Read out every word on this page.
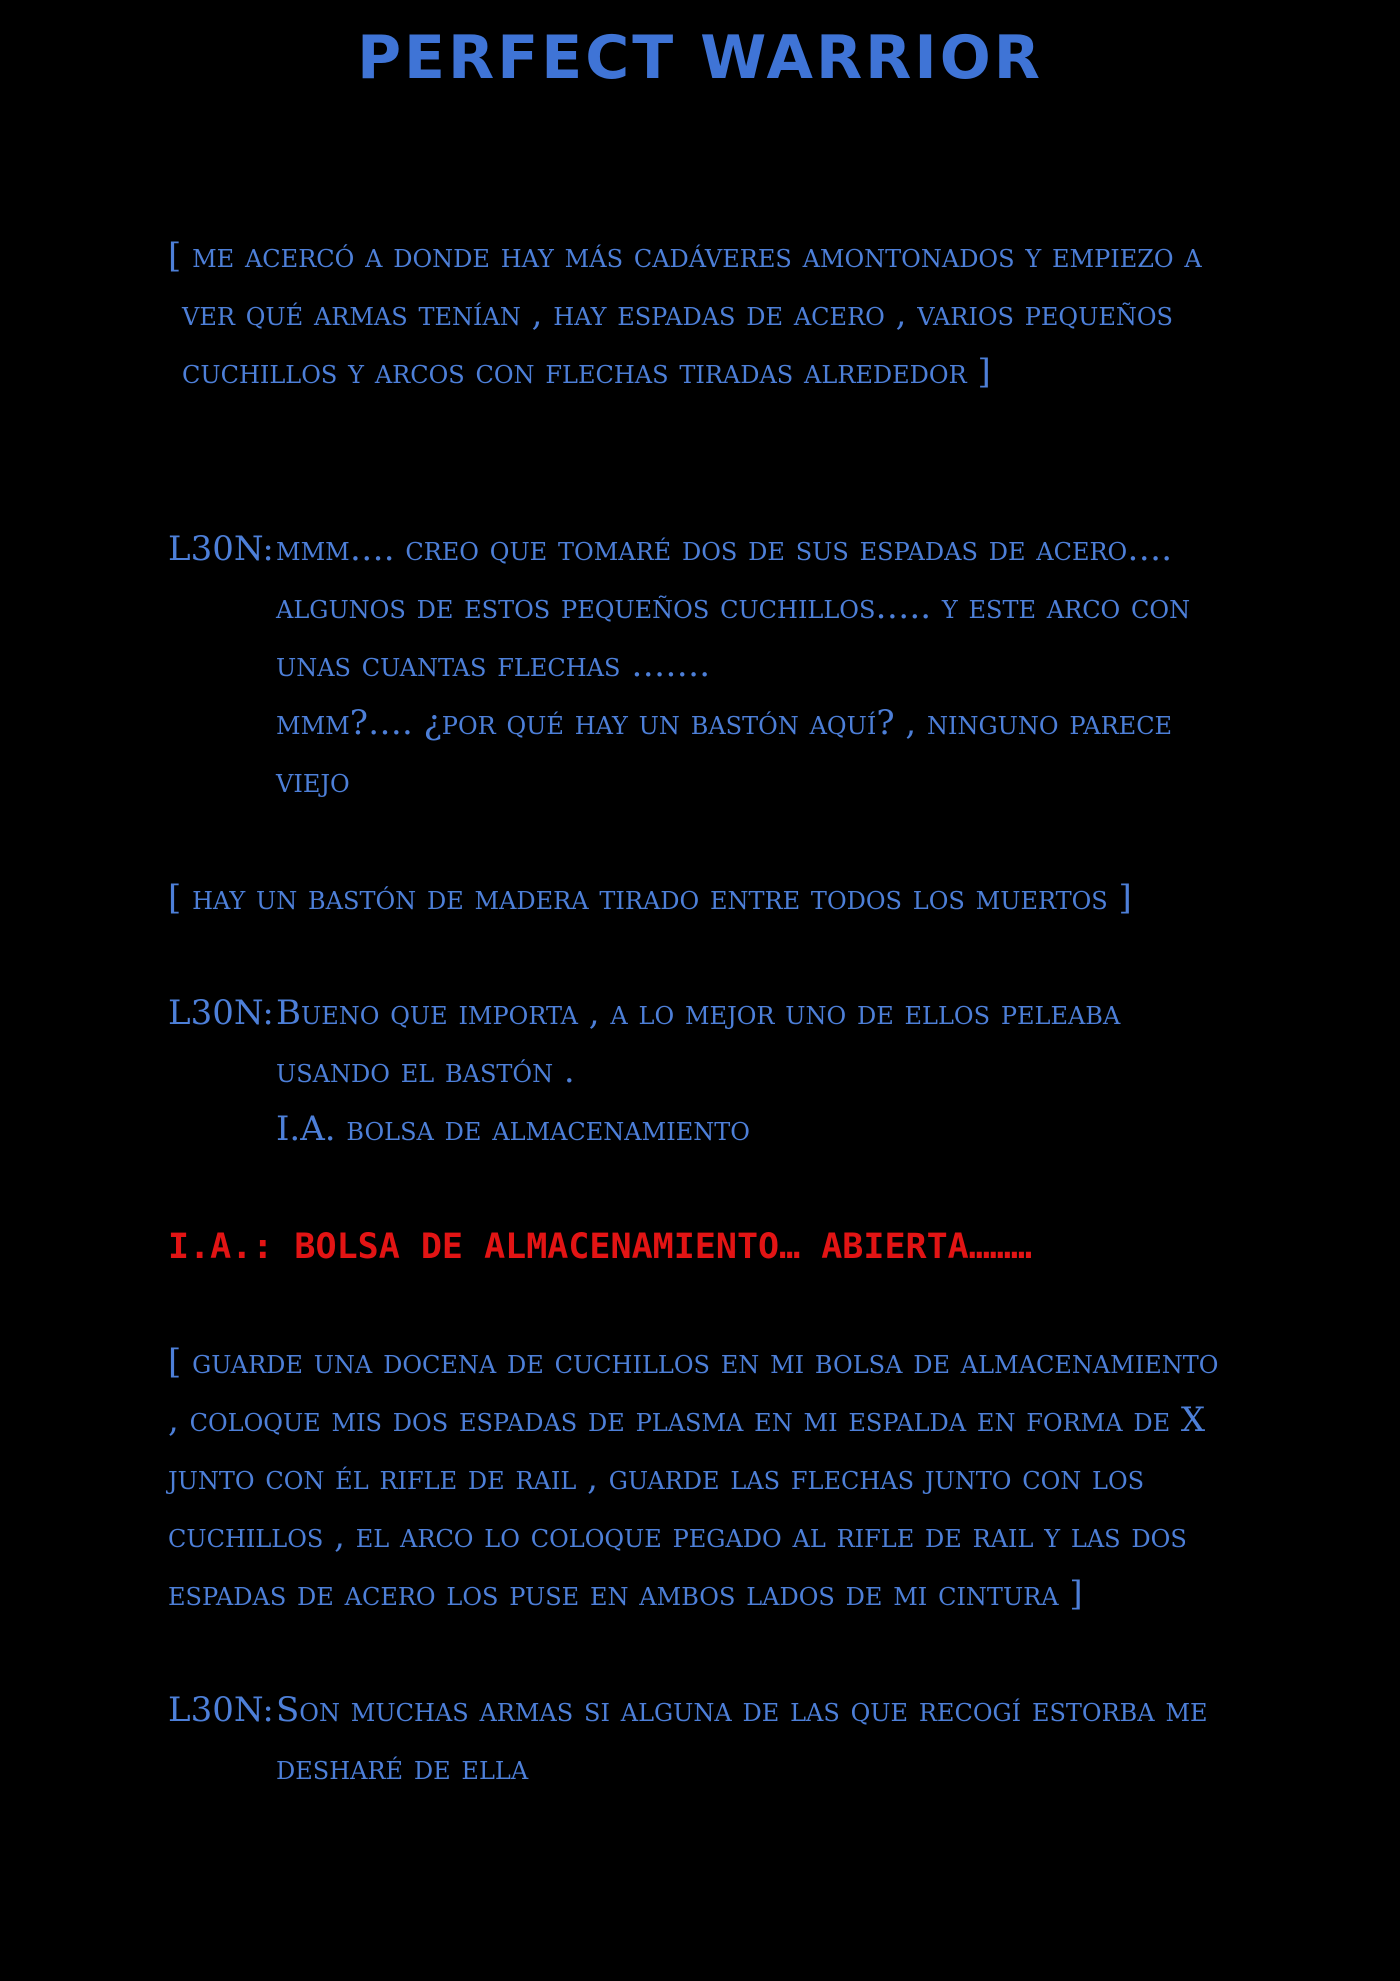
PERFECT WARRIOR
[ me acercó a donde hay más cadáveres amontonados y empiezo a
ver qué armas tenían , hay espadas de acero , varios pequeños
cuchillos y arcos con flechas tiradas alrededor ]
L30N: mmm…. creo que tomaré dos de sus espadas de acero….
algunos de estos pequeños cuchillos….. y este arco con
unas cuantas flechas …….
mmm?…. ¿por qué hay un bastón aquí? , ninguno parece
viejo
[ hay un bastón de madera tirado entre todos los muertos ]
L30N: Bueno que importa , a lo mejor uno de ellos peleaba
usando el bastón .
I.A. bolsa de almacenamiento

I.A.: BOLSA DE ALMACENAMIENTO… ABIERTA………

[ guarde una docena de cuchillos en mi bolsa de almacenamiento
, coloque mis dos espadas de plasma en mi espalda en forma de X
junto con él rifle de rail , guarde las flechas junto con los
cuchillos , el arco lo coloque pegado al rifle de rail y las dos
espadas de acero los puse en ambos lados de mi cintura ]
L30N: Son muchas armas si alguna de las que recogí estorba me
desharé de ella
